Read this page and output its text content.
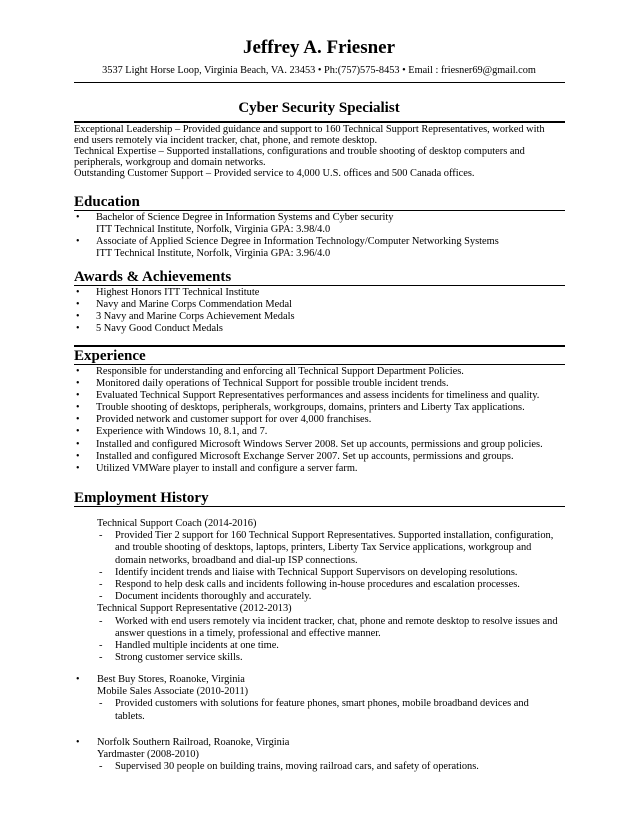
Jeffrey A. Friesner
3537 Light Horse Loop, Virginia Beach, VA. 23453 • Ph:(757)575-8453 • Email : friesner69@gmail.com
Cyber Security Specialist

Exceptional Leadership – Provided guidance and support to 160 Technical Support Representatives, worked with

end users remotely via incident tracker, chat, phone, and remote desktop.

Technical Expertise – Supported installations, configurations and trouble shooting of desktop computers and

peripherals, workgroup and domain networks.

Outstanding Customer Support – Provided service to 4,000 U.S. offices and 500 Canada offices.

Education
• Bachelor of Science Degree in Information Systems and Cyber security
ITT Technical Institute, Norfolk, Virginia GPA: 3.98/4.0
• Associate of Applied Science Degree in Information Technology/Computer Networking Systems
ITT Technical Institute, Norfolk, Virginia GPA: 3.96/4.0
Awards & Achievements
• Highest Honors ITT Technical Institute
• Navy and Marine Corps Commendation Medal
• 3 Navy and Marine Corps Achievement Medals
• 5 Navy Good Conduct Medals
Experience
• Responsible for understanding and enforcing all Technical Support Department Policies.
• Monitored daily operations of Technical Support for possible trouble incident trends.
• Evaluated Technical Support Representatives performances and assess incidents for timeliness and quality.
• Trouble shooting of desktops, peripherals, workgroups, domains, printers and Liberty Tax applications.
• Provided network and customer support for over 4,000 franchises.
• Experience with Windows 10, 8.1, and 7.
• Installed and configured Microsoft Windows Server 2008. Set up accounts, permissions and group policies.
• Installed and configured Microsoft Exchange Server 2007. Set up accounts, permissions and groups.
• Utilized VMWare player to install and configure a server farm.
Employment History
Technical Support Coach (2014-2016)
- Provided Tier 2 support for 160 Technical Support Representatives. Supported installation, configuration,
and trouble shooting of desktops, laptops, printers, Liberty Tax Service applications, workgroup and
domain networks, broadband and dial-up ISP connections.
- Identify incident trends and liaise with Technical Support Supervisors on developing resolutions.
- Respond to help desk calls and incidents following in-house procedures and escalation processes.
- Document incidents thoroughly and accurately.
Technical Support Representative (2012-2013)
- Worked with end users remotely via incident tracker, chat, phone and remote desktop to resolve issues and
answer questions in a timely, professional and effective manner.
- Handled multiple incidents at one time.
- Strong customer service skills.
• Best Buy Stores, Roanoke, Virginia
Mobile Sales Associate (2010-2011)
- Provided customers with solutions for feature phones, smart phones, mobile broadband devices and
tablets.
• Norfolk Southern Railroad, Roanoke, Virginia
Yardmaster (2008-2010)
- Supervised 30 people on building trains, moving railroad cars, and safety of operations.
